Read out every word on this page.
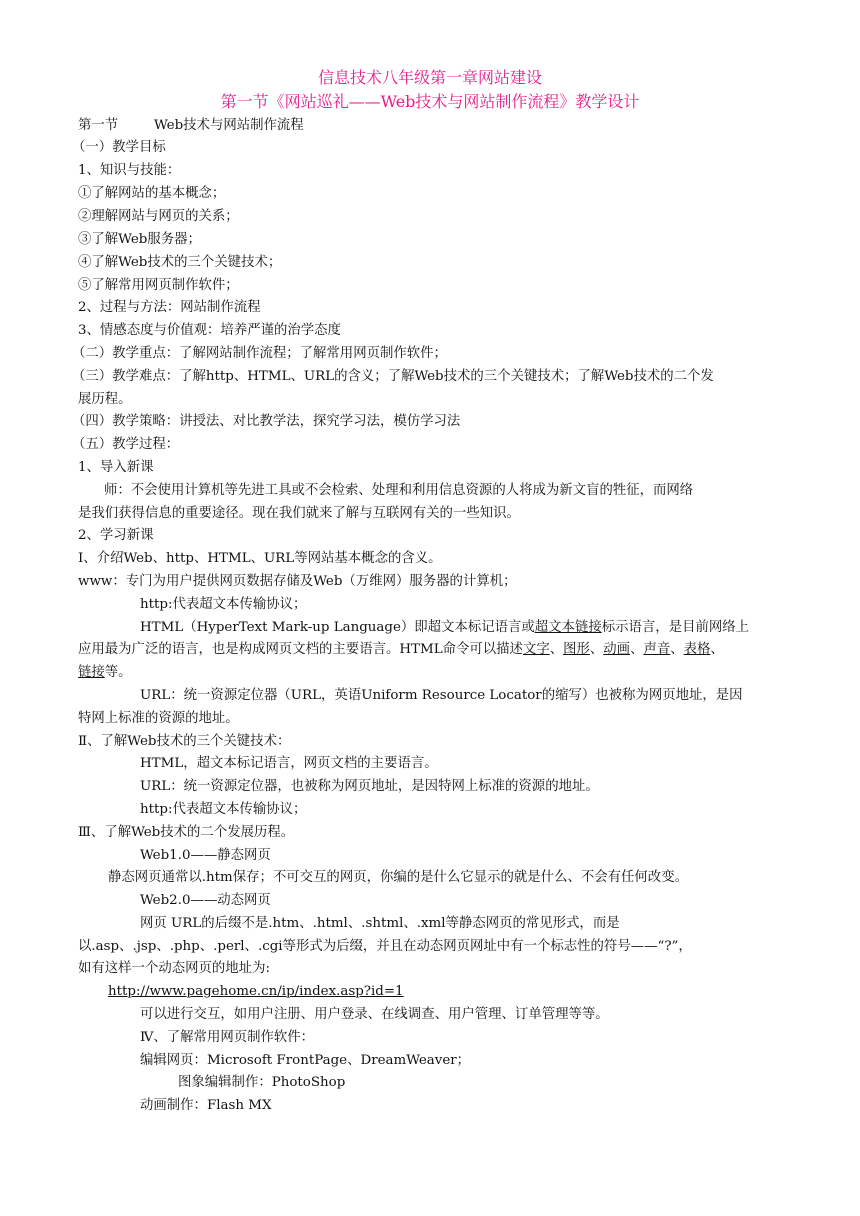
信息技术八年级第一章网站建设
第一节《网站巡礼——Web技术与网站制作流程》教学设计
第一节	Web技术与网站制作流程
（一）教学目标
1、知识与技能：
①了解网站的基本概念；
②理解网站与网页的关系；
③了解Web服务器；
④了解Web技术的三个关键技术；
⑤了解常用网页制作软件；
2、过程与方法：网站制作流程
3、情感态度与价值观：培养严谨的治学态度
（二）教学重点：了解网站制作流程；了解常用网页制作软件；
（三）教学难点：了解http、HTML、URL的含义；了解Web技术的三个关键技术；了解Web技术的二个发
展历程。
（四）教学策略：讲授法、对比教学法，探究学习法，模仿学习法
（五）教学过程：
1、导入新课
师：不会使用计算机等先进工具或不会检索、处理和利用信息资源的人将成为新文盲的牲征，而网络
是我们获得信息的重要途径。现在我们就来了解与互联网有关的一些知识。
2、学习新课
Ⅰ、介绍Web、http、HTML、URL等网站基本概念的含义。
www：专门为用户提供网页数据存储及Web（万维网）服务器的计算机；
http:代表超文本传输协议；
HTML（HyperText Mark-up Language）即超文本标记语言或超文本链接标示语言，是目前网络上
应用最为广泛的语言，也是构成网页文档的主要语言。HTML命令可以描述文字、图形、动画、声音、表格、
链接等。
URL：统一资源定位器（URL，英语Uniform Resource Locator的缩写）也被称为网页地址，是因
特网上标准的资源的地址。
Ⅱ、了解Web技术的三个关键技术：
HTML，超文本标记语言，网页文档的主要语言。
URL：统一资源定位器，也被称为网页地址，是因特网上标准的资源的地址。
http:代表超文本传输协议；
Ⅲ、了解Web技术的二个发展历程。
Web1.0——静态网页
静态网页通常以.htm保存；不可交互的网页，你编的是什么它显示的就是什么、不会有任何改变。
Web2.0——动态网页
网页 URL的后缀不是.htm、.html、.shtml、.xml等静态网页的常见形式，而是
以.asp、.jsp、.php、.perl、.cgi等形式为后缀，并且在动态网页网址中有一个标志性的符号——“?”，
如有这样一个动态网页的地址为:
http://www.pagehome.cn/ip/index.asp?id=1
可以进行交互，如用户注册、用户登录、在线调查、用户管理、订单管理等等。
Ⅳ、了解常用网页制作软件：
编辑网页：Microsoft FrontPage、DreamWeaver；
图象编辑制作：PhotoShop
动画制作：Flash MX
